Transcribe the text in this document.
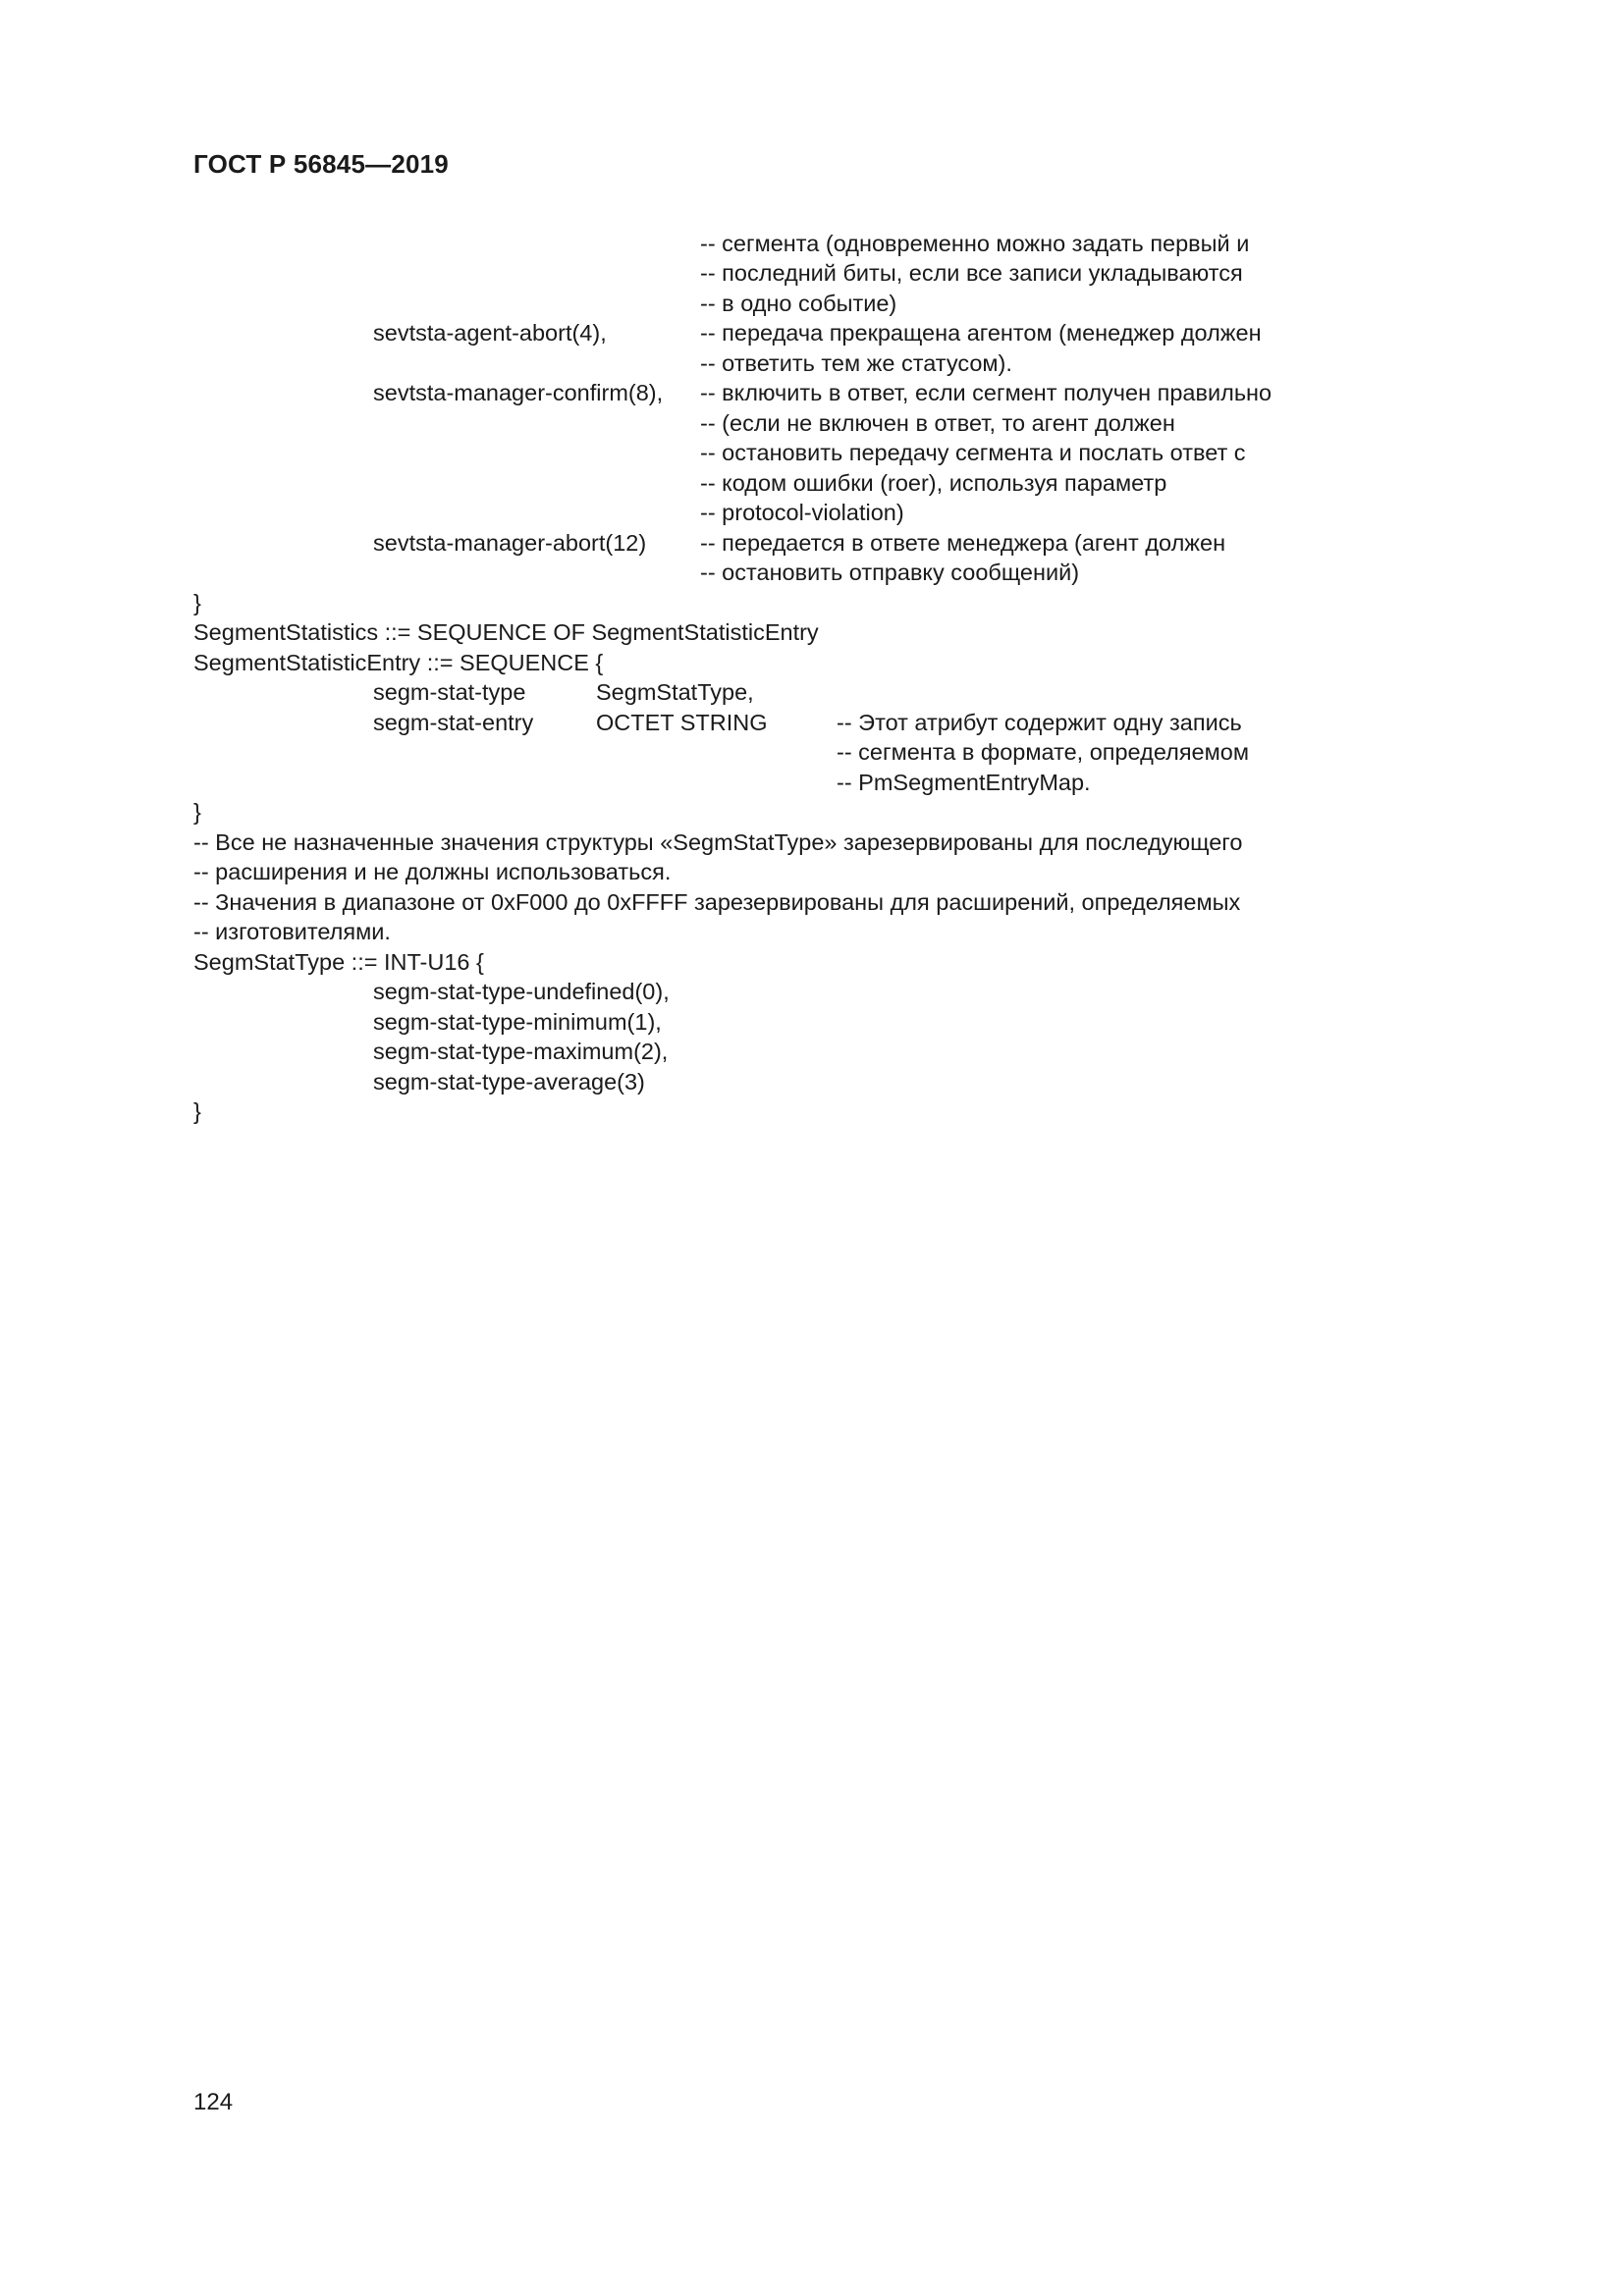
ГОСТ Р 56845—2019
-- сегмента (одновременно можно задать первый и
-- последний биты, если все записи укладываются
-- в одно событие)
sevtsta-agent-abort(4),	-- передача прекращена агентом (менеджер должен
-- ответить тем же статусом).
sevtsta-manager-confirm(8), -- включить в ответ, если сегмент получен правильно
-- (если не включен в ответ, то агент должен
-- остановить передачу сегмента и послать ответ с
-- кодом ошибки (roer), используя параметр
-- protocol-violation)
sevtsta-manager-abort(12) -- передается в ответе менеджера (агент должен
-- остановить отправку сообщений)
}
SegmentStatistics ::= SEQUENCE OF SegmentStatisticEntry
SegmentStatisticEntry ::= SEQUENCE {
segm-stat-type	SegmStatType,
segm-stat-entry	OCTET STRING	-- Этот атрибут содержит одну запись
-- сегмента в формате, определяемом
-- PmSegmentEntryMap.
}
-- Все не назначенные значения структуры «SegmStatType» зарезервированы для последующего
-- расширения и не должны использоваться.
-- Значения в диапазоне от 0xF000 до 0xFFFF зарезервированы для расширений, определяемых
-- изготовителями.
SegmStatType ::= INT-U16 {
segm-stat-type-undefined(0),
segm-stat-type-minimum(1),
segm-stat-type-maximum(2),
segm-stat-type-average(3)
}
124
